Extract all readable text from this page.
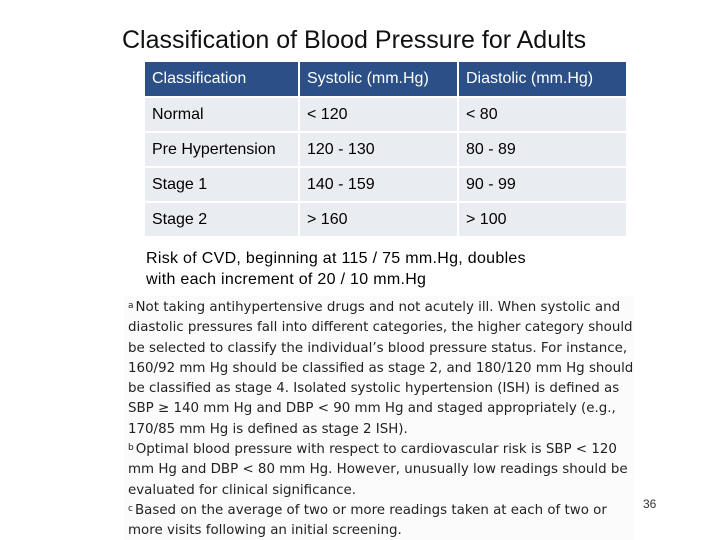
Classification of Blood Pressure for Adults
Classification	Systolic (mm.Hg)	Diastolic (mm.Hg)
Normal	< 120	< 80
Pre Hypertension	120 - 130	80 - 89
Stage 1	140 - 159	90 - 99
Stage 2	> 160	> 100
Risk of CVD, beginning at 115 / 75 mm.Hg, doubles
with each increment of 20 / 10 mm.Hg

$^a$ Not taking antihypertensive drugs and not acutely ill. When systolic and diastolic pressures fall into different categories, the higher category should be selected to classify the individual’s blood pressure status. For instance, 160/92 mm Hg should be classified as stage 2, and 180/120 mm Hg should be classified as stage 4. Isolated systolic hypertension (ISH) is defined as SBP ≥ 140 mm Hg and DBP < 90 mm Hg and staged appropriately (e.g., 170/85 mm Hg is defined as stage 2 ISH).

$^b$ Optimal blood pressure with respect to cardiovascular risk is SBP < 120 mm Hg and DBP < 80 mm Hg. However, unusually low readings should be evaluated for clinical significance.

$^c$ Based on the average of two or more readings taken at each of two or more visits following an initial screening.

36
